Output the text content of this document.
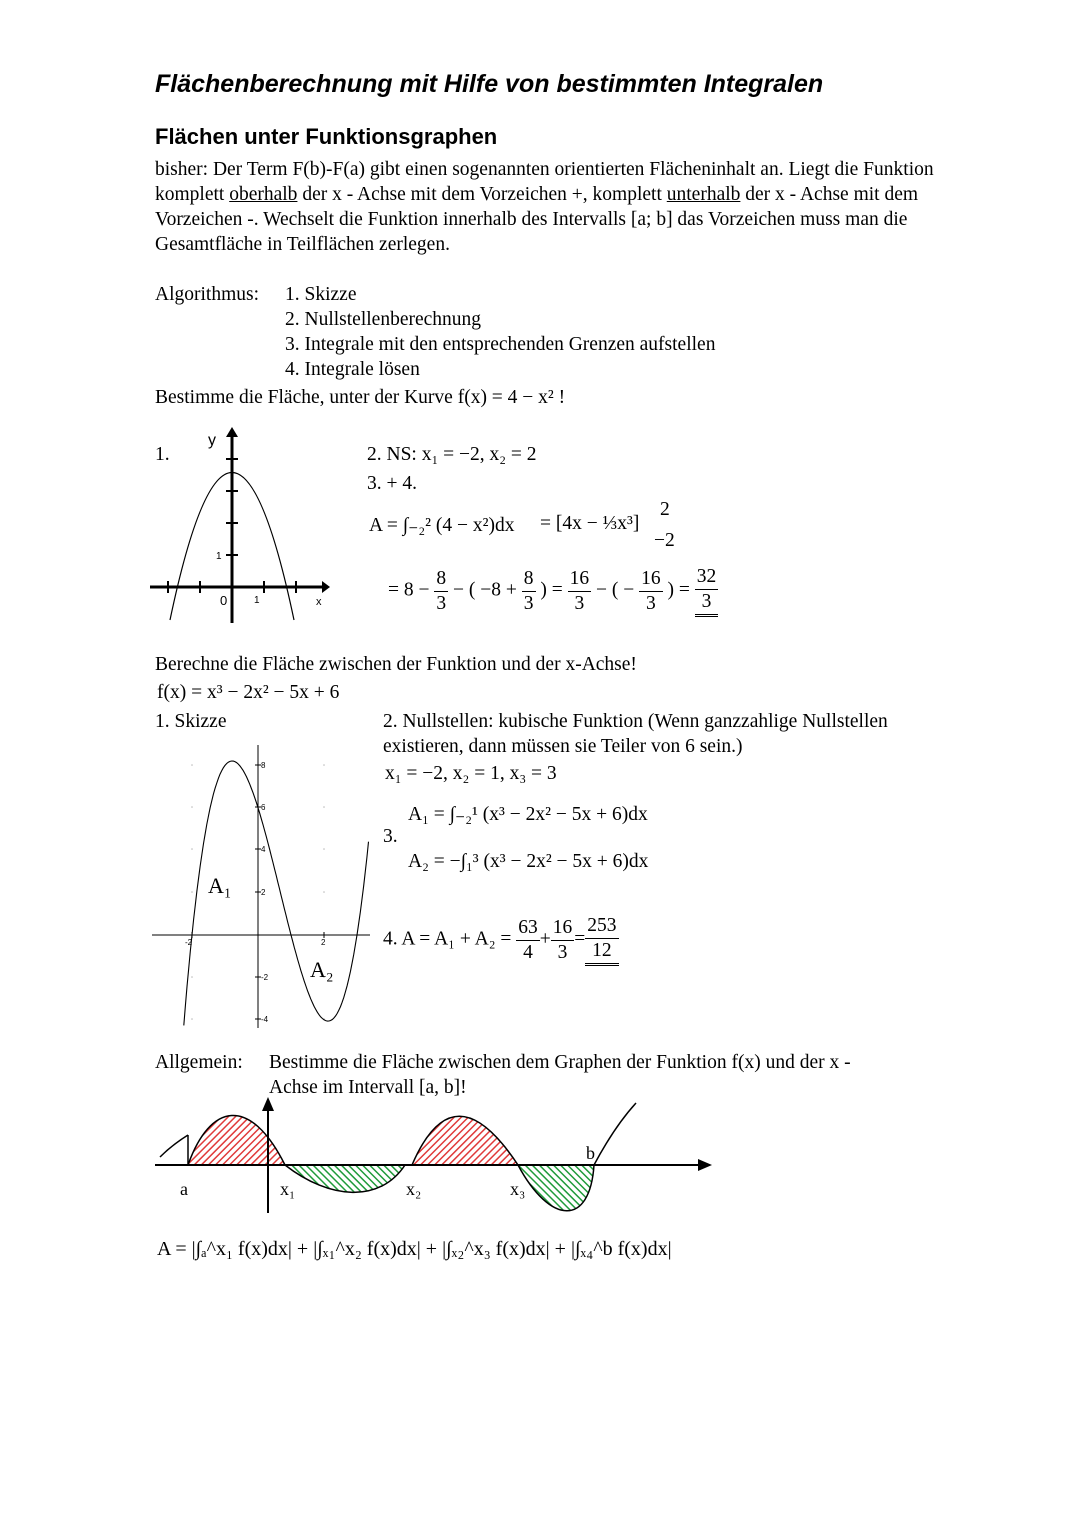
Flächenberechnung mit Hilfe von bestimmten Integralen
Flächen unter Funktionsgraphen
bisher: Der Term F(b)-F(a) gibt einen sogenannten orientierten Flächeninhalt an. Liegt die Funktion komplett oberhalb der x - Achse mit dem Vorzeichen +, komplett unterhalb der x - Achse mit dem Vorzeichen -. Wechselt die Funktion innerhalb des Intervalls [a; b] das Vorzeichen muss man die Gesamtfläche in Teilflächen zerlegen.
Algorithmus: 1. Skizze
2. Nullstellenberechnung
3. Integrale mit den entsprechenden Grenzen aufstellen
4. Integrale lösen
Bestimme die Fläche, unter der Kurve f(x) = 4 − x² !
1.
y
1
0	1	x
2. NS: x₁ = −2, x₂ = 2
3. + 4.
A = ∫₋₂² (4 − x²)dx = [4x − ⅓x³]
2
−2
= $8 - \frac{8}{3}$ − ( $-8 + \frac{8}{3}$ ) = $\frac{16}{3}$ − ( − $\frac{16}{3}$ ) = $\frac{32}{3}$
Berechne die Fläche zwischen der Funktion und der x-Achse!
f(x) = x³ − 2x² − 5x + 6
1. Skizze	2. Nullstellen: kubische Funktion (Wenn ganzzahlige Nullstellen
existieren, dann müssen sie Teiler von 6 sein.)
x₁ = −2, x₂ = 1, x₃ = 3
A₁ = ∫₋₂¹ (x³ − 2x² − 5x + 6)dx
3.
A₂ = −∫₁³ (x³ − 2x² − 5x + 6)dx
4. $A = A_1 + A_2 = \frac{63}{4} + \frac{16}{3} = \frac{253}{12}$
8
6
4
2
-2
-4
-2	2
A₁
A₂
Allgemein: Bestimme die Fläche zwischen dem Graphen der Funktion f(x) und der x -
Achse im Intervall [a, b]!
a	x₁	x₂	x₃
b
A = |∫ₐ^x₁ f(x)dx| + |∫ₓ₁^x₂ f(x)dx| + |∫ₓ₂^x₃ f(x)dx| + |∫ₓ₄^b f(x)dx|
